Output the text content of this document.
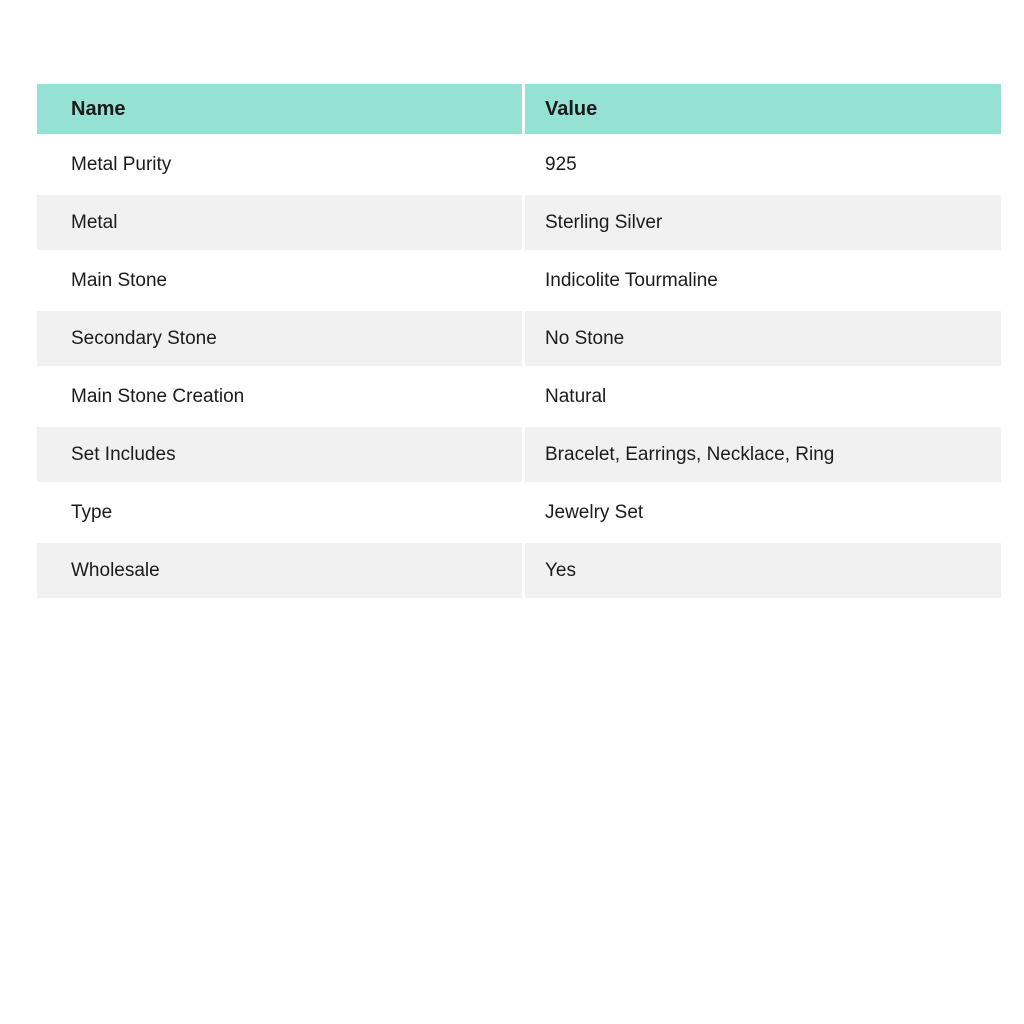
Name	Value
Metal Purity	925
Metal	Sterling Silver
Main Stone	Indicolite Tourmaline
Secondary Stone	No Stone
Main Stone Creation	Natural
Set Includes	Bracelet, Earrings, Necklace, Ring
Type	Jewelry Set
Wholesale	Yes
